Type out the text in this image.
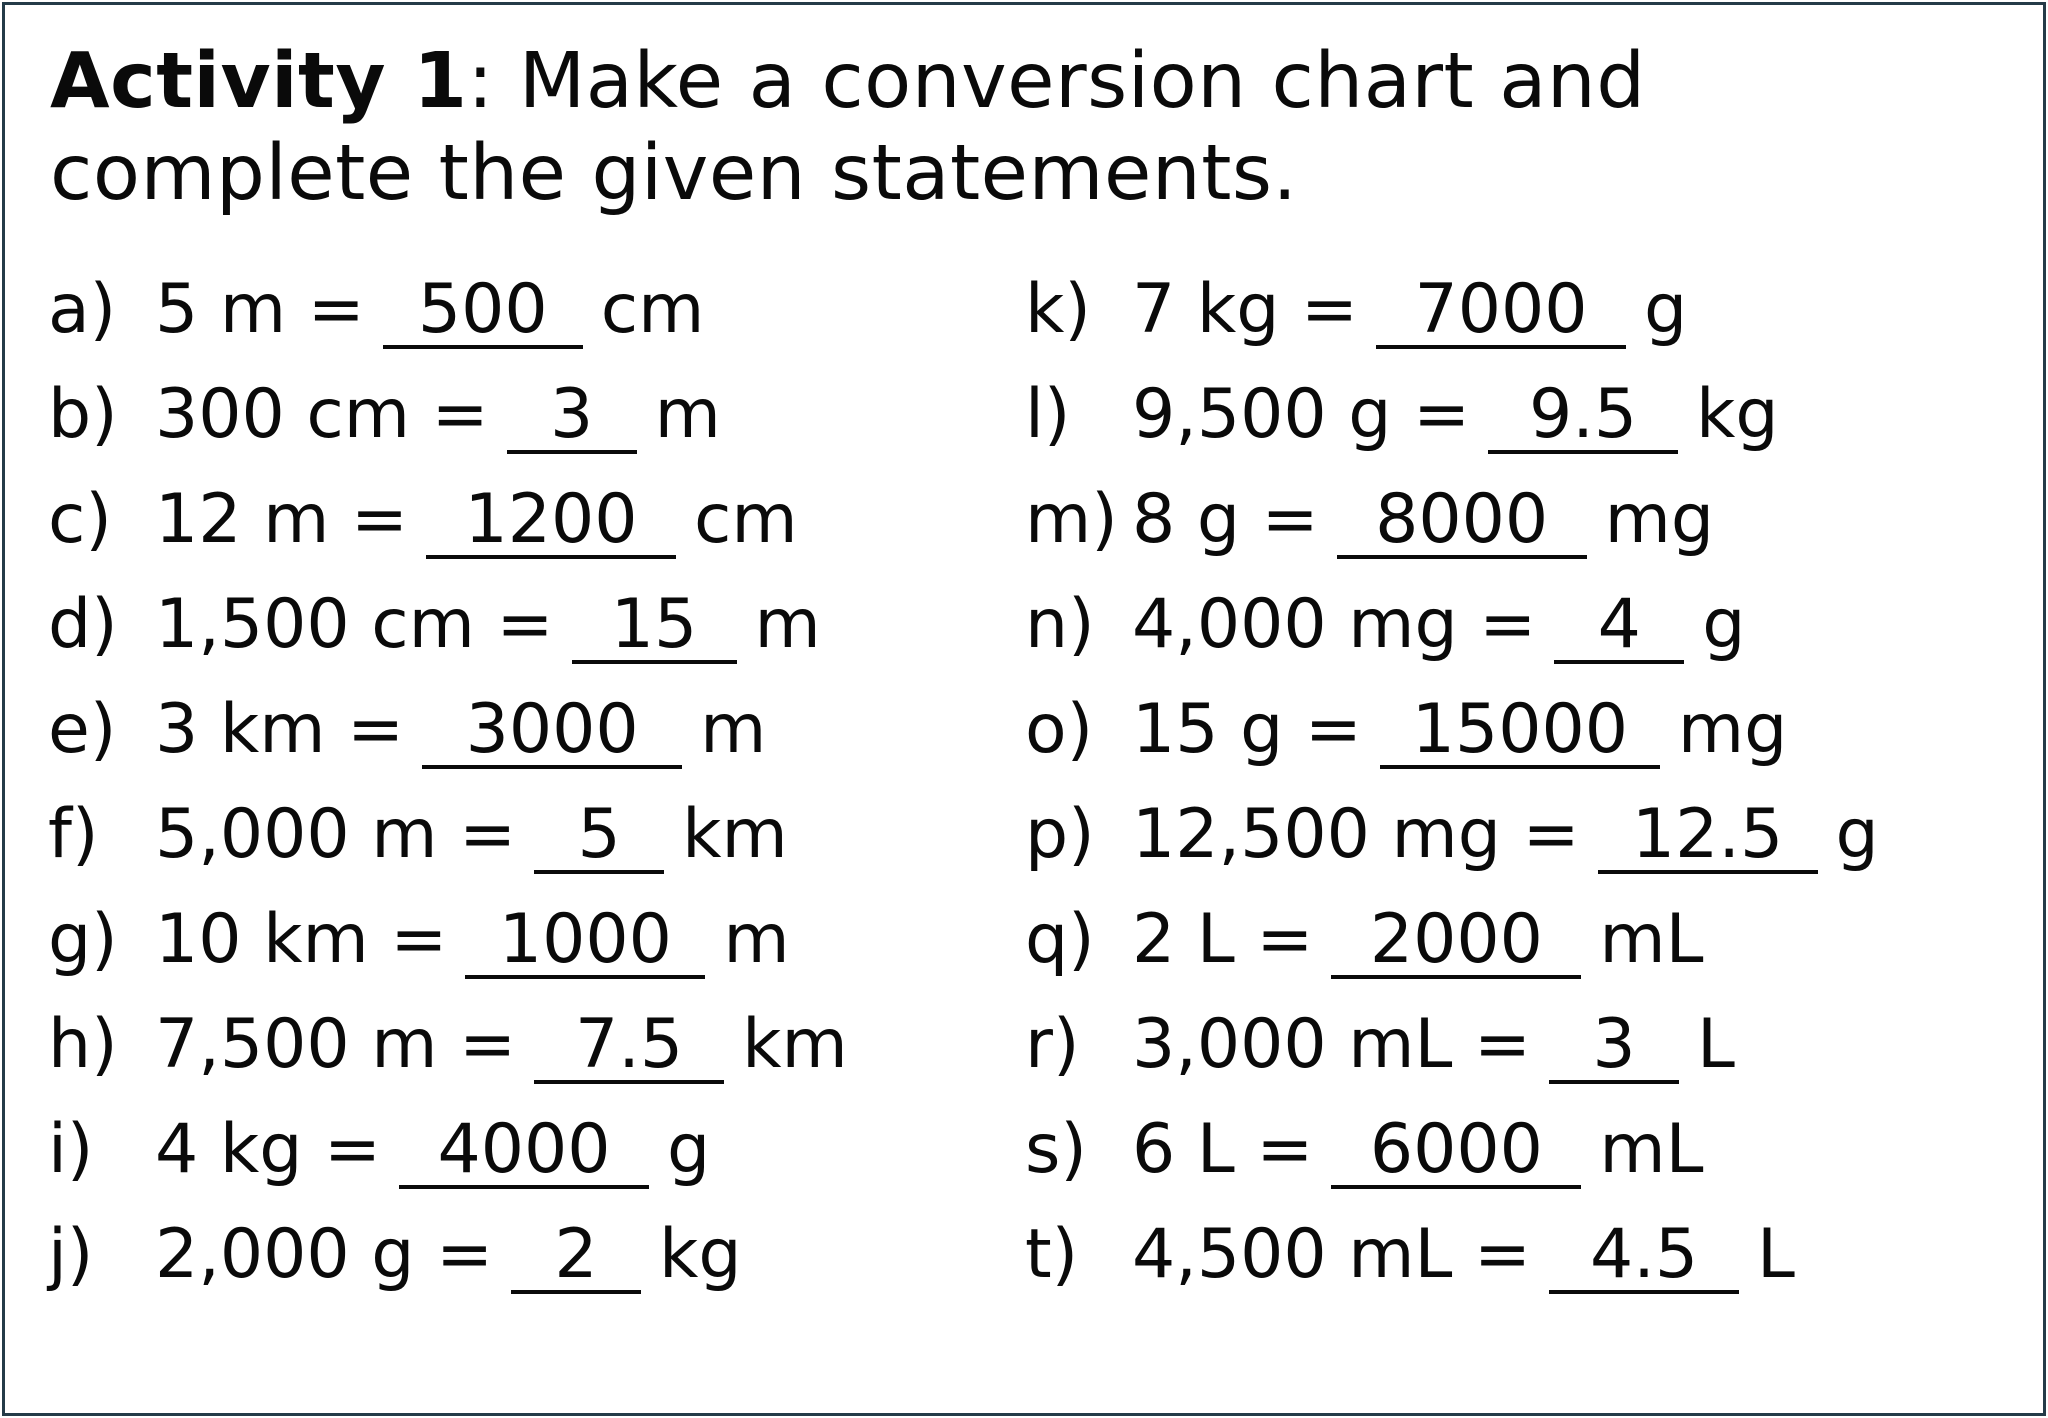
Activity 1: Make a conversion chart and complete the given statements.
a) 5 m = 500 cm
b) 300 cm = 3 m
c) 12 m = 1200 cm
d) 1,500 cm = 15 m
e) 3 km = 3000 m
f) 5,000 m = 5 km
g) 10 km = 1000 m
h) 7,500 m = 7.5 km
i) 4 kg = 4000 g
j) 2,000 g = 2 kg
k) 7 kg = 7000 g
l) 9,500 g = 9.5 kg
m) 8 g = 8000 mg
n) 4,000 mg = 4 g
o) 15 g = 15000 mg
p) 12,500 mg = 12.5 g
q) 2 L = 2000 mL
r) 3,000 mL = 3 L
s) 6 L = 6000 mL
t) 4,500 mL = 4.5 L
